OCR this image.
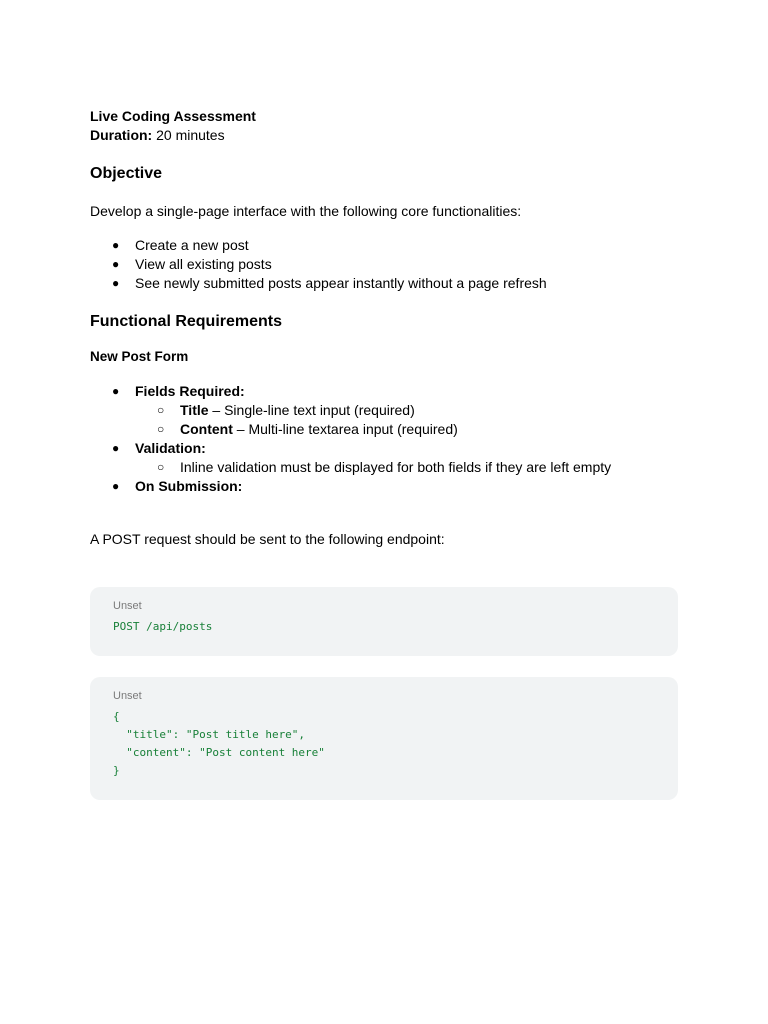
Live Coding Assessment

Duration: 20 minutes

Objective

Develop a single-page interface with the following core functionalities:

● Create a new post
● View all existing posts
● See newly submitted posts appear instantly without a page refresh

Functional Requirements

New Post Form

● Fields Required:
○ Title – Single-line text input (required)
○ Content – Multi-line textarea input (required)
● Validation:
○ Inline validation must be displayed for both fields if they are left empty
● On Submission:

A POST request should be sent to the following endpoint:

Unset
POST /api/posts
Unset
{
"title": "Post title here",
"content": "Post content here"
}
